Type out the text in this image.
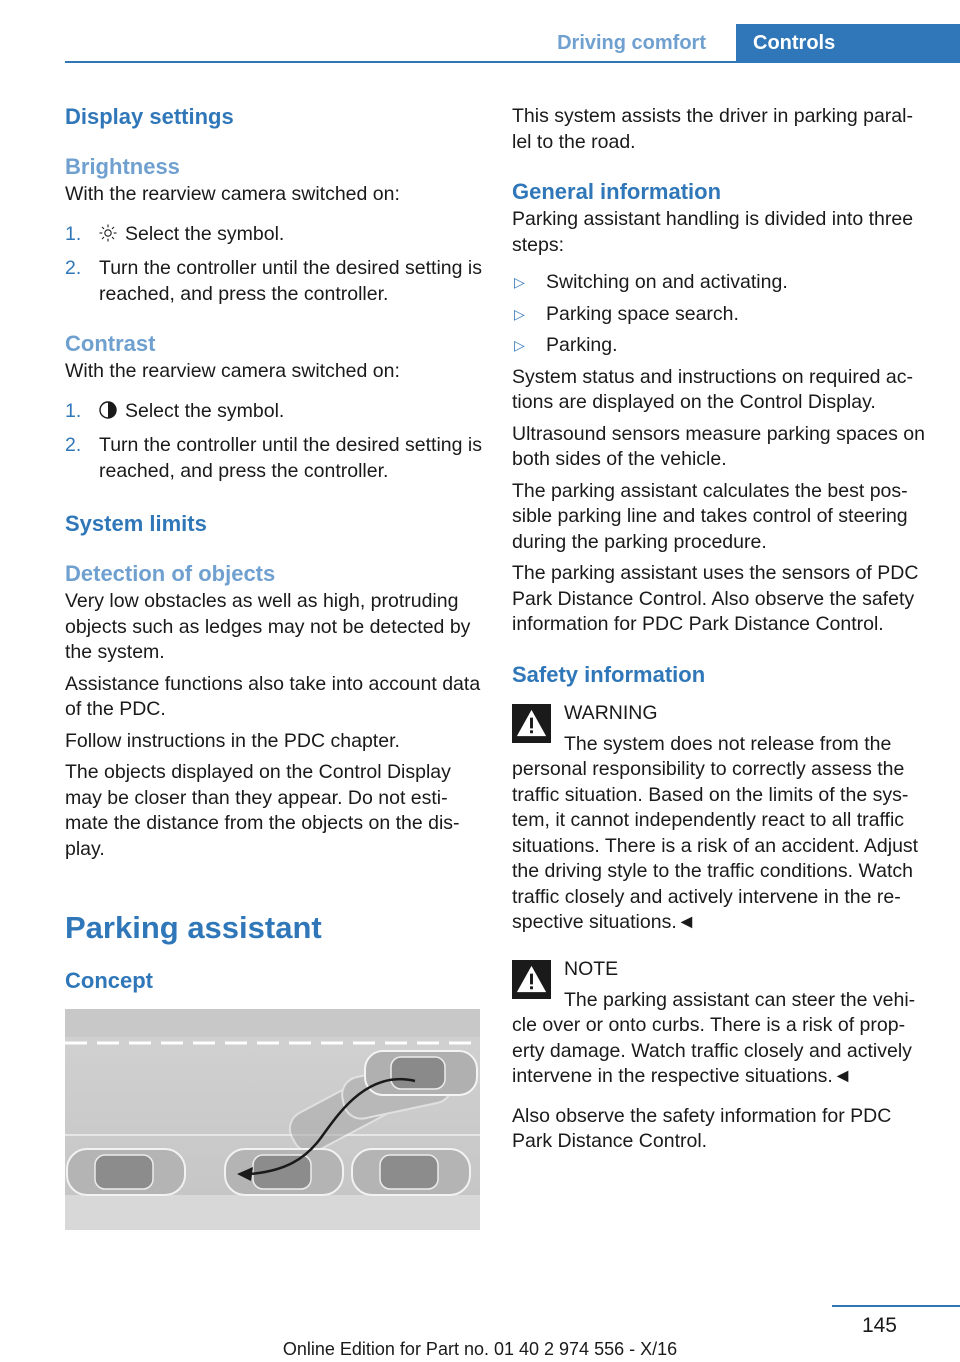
Driving comfort	Controls
Display settings
Brightness

With the rearview camera switched on:

1. Select the symbol.
2. Turn the controller until the desired setting is reached, and press the controller.
Contrast

With the rearview camera switched on:

1. Select the symbol.
2. Turn the controller until the desired setting is reached, and press the controller.
System limits
Detection of objects

Very low obstacles as well as high, protruding objects such as ledges may not be detected by the system.

Assistance functions also take into account data of the PDC.

Follow instructions in the PDC chapter.

The objects displayed on the Control Display may be closer than they appear. Do not esti-mate the distance from the objects on the dis-play.

Parking assistant
Concept

This system assists the driver in parking paral-lel to the road.

General information

Parking assistant handling is divided into three steps:

▷ Switching on and activating.
▷ Parking space search.
▷ Parking.

System status and instructions on required ac-tions are displayed on the Control Display.

Ultrasound sensors measure parking spaces on both sides of the vehicle.

The parking assistant calculates the best pos-sible parking line and takes control of steering during the parking procedure.

The parking assistant uses the sensors of PDC Park Distance Control. Also observe the safety information for PDC Park Distance Control.

Safety information
WARNING

The system does not release from the

personal responsibility to correctly assess the traffic situation. Based on the limits of the sys-tem, it cannot independently react to all traffic situations. There is a risk of an accident. Adjust the driving style to the traffic conditions. Watch traffic closely and actively intervene in the re-spective situations.◄

NOTE

The parking assistant can steer the vehi-

cle over or onto curbs. There is a risk of prop-erty damage. Watch traffic closely and actively intervene in the respective situations.◄

Also observe the safety information for PDC Park Distance Control.

145
Online Edition for Part no. 01 40 2 974 556 - X/16
